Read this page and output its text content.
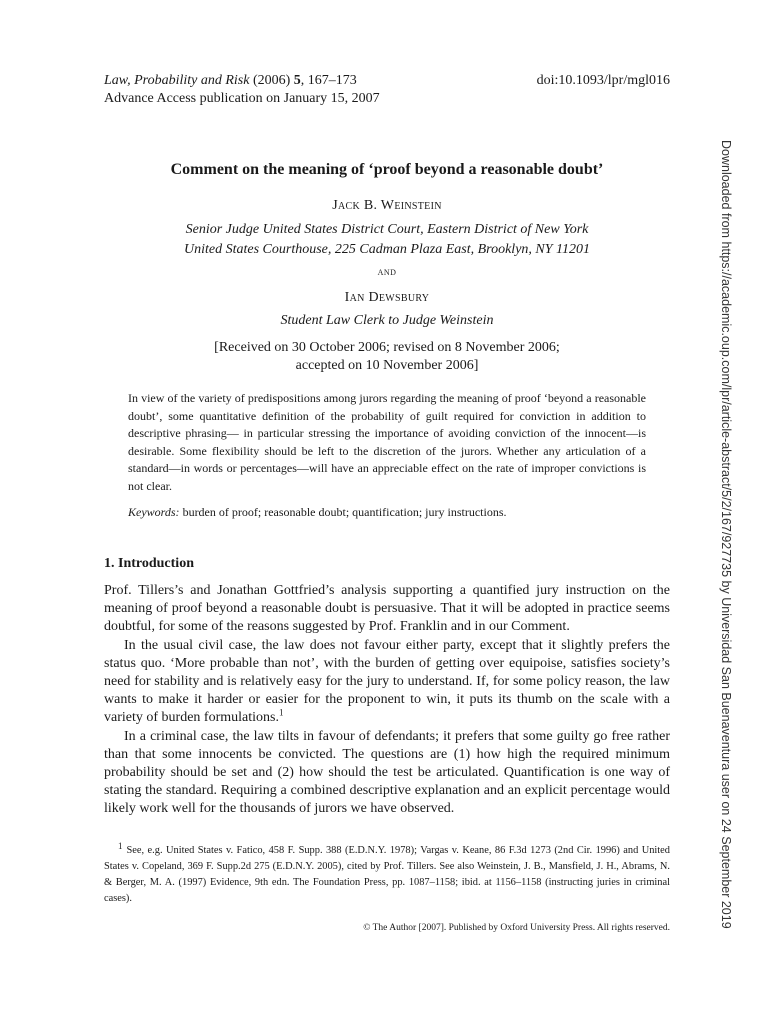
Law, Probability and Risk (2006) 5, 167–173
Advance Access publication on January 15, 2007
doi:10.1093/lpr/mgl016
Downloaded from https://academic.oup.com/lpr/article-abstract/5/2/167/927735 by Universidad San Buenaventura user on 24 September 2019
Comment on the meaning of ‘proof beyond a reasonable doubt’
Jack B. Weinstein
Senior Judge United States District Court, Eastern District of New York
United States Courthouse, 225 Cadman Plaza East, Brooklyn, NY 11201
and
Ian Dewsbury
Student Law Clerk to Judge Weinstein
[Received on 30 October 2006; revised on 8 November 2006;
accepted on 10 November 2006]

In view of the variety of predispositions among jurors regarding the meaning of proof ‘beyond a reasonable doubt’, some quantitative definition of the probability of guilt required for conviction in addition to descriptive phrasing— in particular stressing the importance of avoiding conviction of the innocent—is desirable. Some flexibility should be left to the discretion of the jurors. Whether any articulation of a standard—in words or percentages—will have an appreciable effect on the rate of improper convictions is not clear.

Keywords: burden of proof; reasonable doubt; quantification; jury instructions.

1. Introduction

Prof. Tillers’s and Jonathan Gottfried’s analysis supporting a quantified jury instruction on the meaning of proof beyond a reasonable doubt is persuasive. That it will be adopted in practice seems doubtful, for some of the reasons suggested by Prof. Franklin and in our Comment.

In the usual civil case, the law does not favour either party, except that it slightly prefers the status quo. ‘More probable than not’, with the burden of getting over equipoise, satisfies society’s need for stability and is relatively easy for the jury to understand. If, for some policy reason, the law wants to make it harder or easier for the proponent to win, it puts its thumb on the scale with a variety of burden formulations.$^1$

In a criminal case, the law tilts in favour of defendants; it prefers that some guilty go free rather than that some innocents be convicted. The questions are (1) how high the required minimum probability should be set and (2) how should the test be articulated. Quantification is one way of stating the standard. Requiring a combined descriptive explanation and an explicit percentage would likely work well for the thousands of jurors we have observed.

1 See, e.g. United States v. Fatico, 458 F. Supp. 388 (E.D.N.Y. 1978); Vargas v. Keane, 86 F.3d 1273 (2nd Cir. 1996) and United States v. Copeland, 369 F. Supp.2d 275 (E.D.N.Y. 2005), cited by Prof. Tillers. See also Weinstein, J. B., Mansfield, J. H., Abrams, N. & Berger, M. A. (1997) Evidence, 9th edn. The Foundation Press, pp. 1087–1158; ibid. at 1156–1158 (instructing juries in criminal cases).

© The Author [2007]. Published by Oxford University Press. All rights reserved.
